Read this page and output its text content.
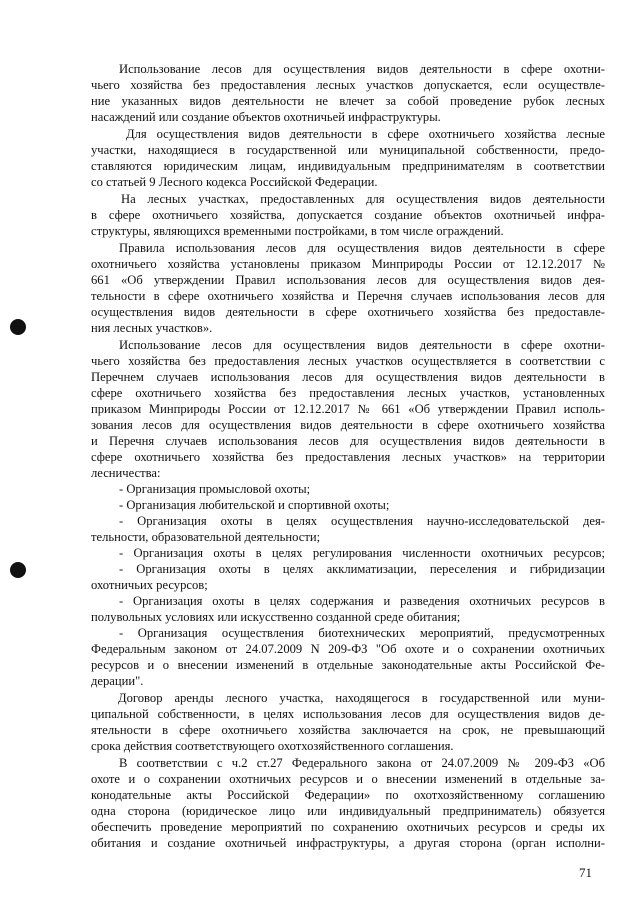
Использование лесов для осуществления видов деятельности в сфере охотни-
чьего хозяйства без предоставления лесных участков допускается, если осуществле-
ние указанных видов деятельности не влечет за собой проведение рубок лесных
насаждений или создание объектов охотничьей инфраструктуры.
Для осуществления видов деятельности в сфере охотничьего хозяйства лесные
участки, находящиеся в государственной или муниципальной собственности, предо-
ставляются юридическим лицам, индивидуальным предпринимателям в соответствии
со статьей 9 Лесного кодекса Российской Федерации.
На лесных участках, предоставленных для осуществления видов деятельности
в сфере охотничьего хозяйства, допускается создание объектов охотничьей инфра-
структуры, являющихся временными постройками, в том числе ограждений.
Правила использования лесов для осуществления видов деятельности в сфере
охотничьего хозяйства установлены приказом Минприроды России от 12.12.2017 №
661 «Об утверждении Правил использования лесов для осуществления видов дея-
тельности в сфере охотничьего хозяйства и Перечня случаев использования лесов для
осуществления видов деятельности в сфере охотничьего хозяйства без предоставле-
ния лесных участков».
Использование лесов для осуществления видов деятельности в сфере охотни-
чьего хозяйства без предоставления лесных участков осуществляется в соответствии с
Перечнем случаев использования лесов для осуществления видов деятельности в
сфере охотничьего хозяйства без предоставления лесных участков, установленных
приказом Минприроды России от 12.12.2017 № 661 «Об утверждении Правил исполь-
зования лесов для осуществления видов деятельности в сфере охотничьего хозяйства
и Перечня случаев использования лесов для осуществления видов деятельности в
сфере охотничьего хозяйства без предоставления лесных участков» на территории
лесничества:
- Организация промысловой охоты;
- Организация любительской и спортивной охоты;
- Организация охоты в целях осуществления научно-исследовательской дея-
тельности, образовательной деятельности;
- Организация охоты в целях регулирования численности охотничьих ресурсов;
- Организация охоты в целях акклиматизации, переселения и гибридизации
охотничьих ресурсов;
- Организация охоты в целях содержания и разведения охотничьих ресурсов в
полувольных условиях или искусственно созданной среде обитания;
- Организация осуществления биотехнических мероприятий, предусмотренных
Федеральным законом от 24.07.2009 N 209-ФЗ "Об охоте и о сохранении охотничьих
ресурсов и о внесении изменений в отдельные законодательные акты Российской Фе-
дерации".
Договор аренды лесного участка, находящегося в государственной или муни-
ципальной собственности, в целях использования лесов для осуществления видов де-
ятельности в сфере охотничьего хозяйства заключается на срок, не превышающий
срока действия соответствующего охотхозяйственного соглашения.
В соответствии с ч.2 ст.27 Федерального закона от 24.07.2009 № 209-ФЗ «Об
охоте и о сохранении охотничьих ресурсов и о внесении изменений в отдельные за-
конодательные акты Российской Федерации» по охотхозяйственному соглашению
одна сторона (юридическое лицо или индивидуальный предприниматель) обязуется
обеспечить проведение мероприятий по сохранению охотничьих ресурсов и среды их
обитания и создание охотничьей инфраструктуры, а другая сторона (орган исполни-
71
